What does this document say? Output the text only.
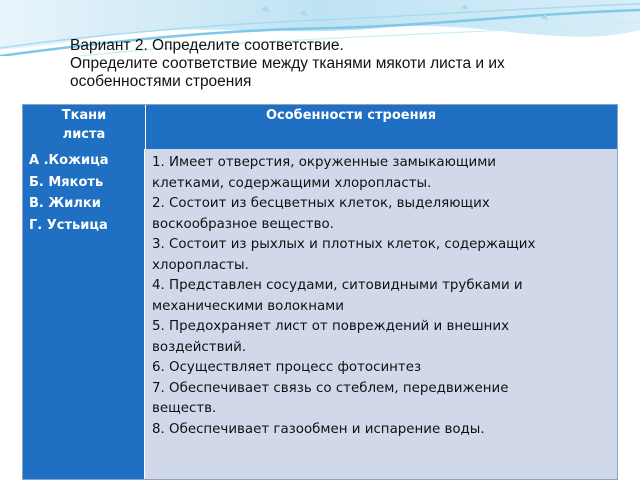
Вариант 2. Определите соответствие.
Определите соответствие между тканями мякоти листа и их
особенностями строения
Ткани
листа
Особенности строения
А .Кожица
Б. Мякоть
В. Жилки
Г. Устьица
1. Имеет отверстия, окруженные замыкающими
клетками, содержащими хлоропласты.
2. Состоит из бесцветных клеток, выделяющих
воскообразное вещество.
3. Состоит из рыхлых и плотных клеток, содержащих
хлоропласты.
4. Представлен сосудами, ситовидными трубками и
механическими волокнами
5. Предохраняет лист от повреждений и внешних
воздействий.
6. Осуществляет процесс фотосинтез
7. Обеспечивает связь со стеблем, передвижение
веществ.
8. Обеспечивает газообмен и испарение воды.
